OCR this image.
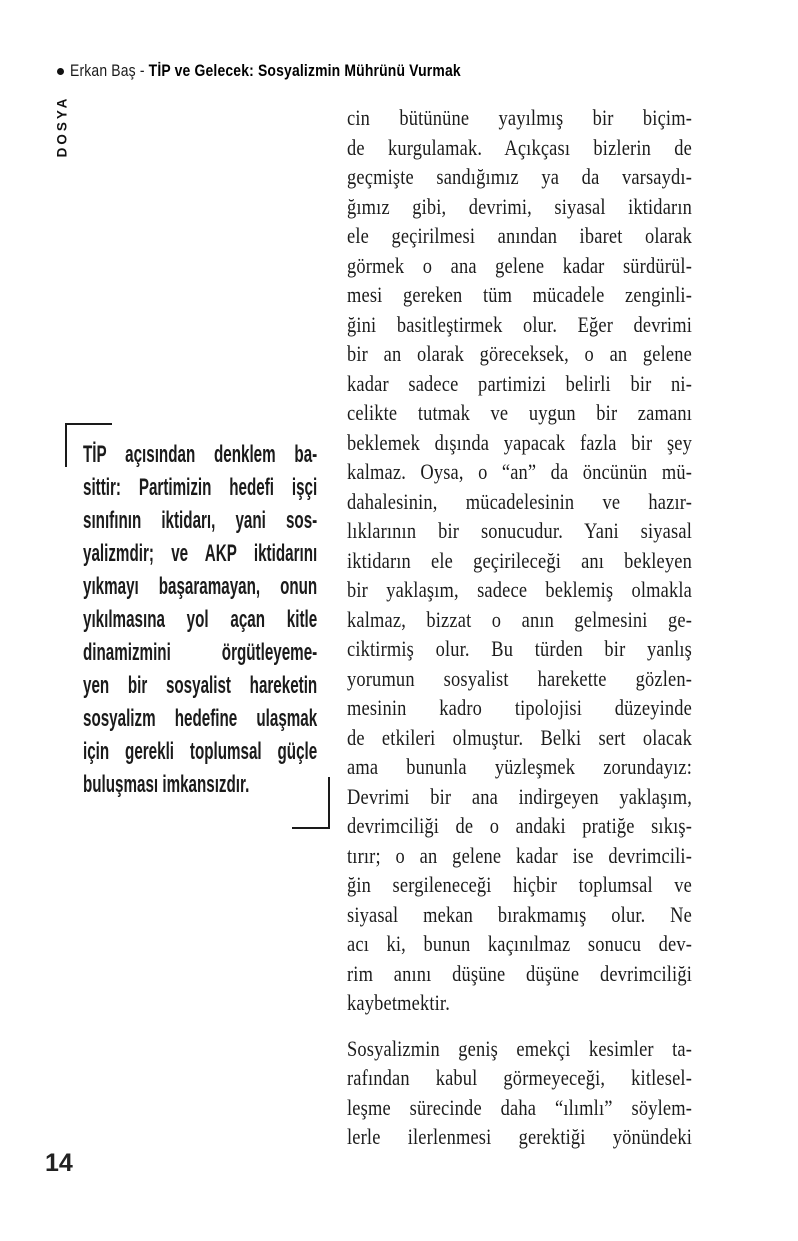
Erkan Baş - TİP ve Gelecek: Sosyalizmin Mührünü Vurmak
DOSYA
TİP açısından denklem ba-
sittir: Partimizin hedefi işçi
sınıfının iktidarı, yani sos-
yalizmdir; ve AKP iktidarını
yıkmayı başaramayan, onun
yıkılmasına yol açan kitle
dinamizmini örgütleyeme-
yen bir sosyalist hareketin
sosyalizm hedefine ulaşmak
için gerekli toplumsal güçle
buluşması imkansızdır.
cin bütününe yayılmış bir biçim-
de kurgulamak. Açıkçası bizlerin de
geçmişte sandığımız ya da varsaydı-
ğımız gibi, devrimi, siyasal iktidarın
ele geçirilmesi anından ibaret olarak
görmek o ana gelene kadar sürdürül-
mesi gereken tüm mücadele zenginli-
ğini basitleştirmek olur. Eğer devrimi
bir an olarak göreceksek, o an gelene
kadar sadece partimizi belirli bir ni-
celikte tutmak ve uygun bir zamanı
beklemek dışında yapacak fazla bir şey
kalmaz. Oysa, o “an” da öncünün mü-
dahalesinin, mücadelesinin ve hazır-
lıklarının bir sonucudur. Yani siyasal
iktidarın ele geçirileceği anı bekleyen
bir yaklaşım, sadece beklemiş olmakla
kalmaz, bizzat o anın gelmesini ge-
ciktirmiş olur. Bu türden bir yanlış
yorumun sosyalist harekette gözlen-
mesinin kadro tipolojisi düzeyinde
de etkileri olmuştur. Belki sert olacak
ama bununla yüzleşmek zorundayız:
Devrimi bir ana indirgeyen yaklaşım,
devrimciliği de o andaki pratiğe sıkış-
tırır; o an gelene kadar ise devrimcili-
ğin sergileneceği hiçbir toplumsal ve
siyasal mekan bırakmamış olur. Ne
acı ki, bunun kaçınılmaz sonucu dev-
rim anını düşüne düşüne devrimciliği
kaybetmektir.
Sosyalizmin geniş emekçi kesimler ta-
rafından kabul görmeyeceği, kitlesel-
leşme sürecinde daha “ılımlı” söylem-
lerle ilerlenmesi gerektiği yönündeki
14
